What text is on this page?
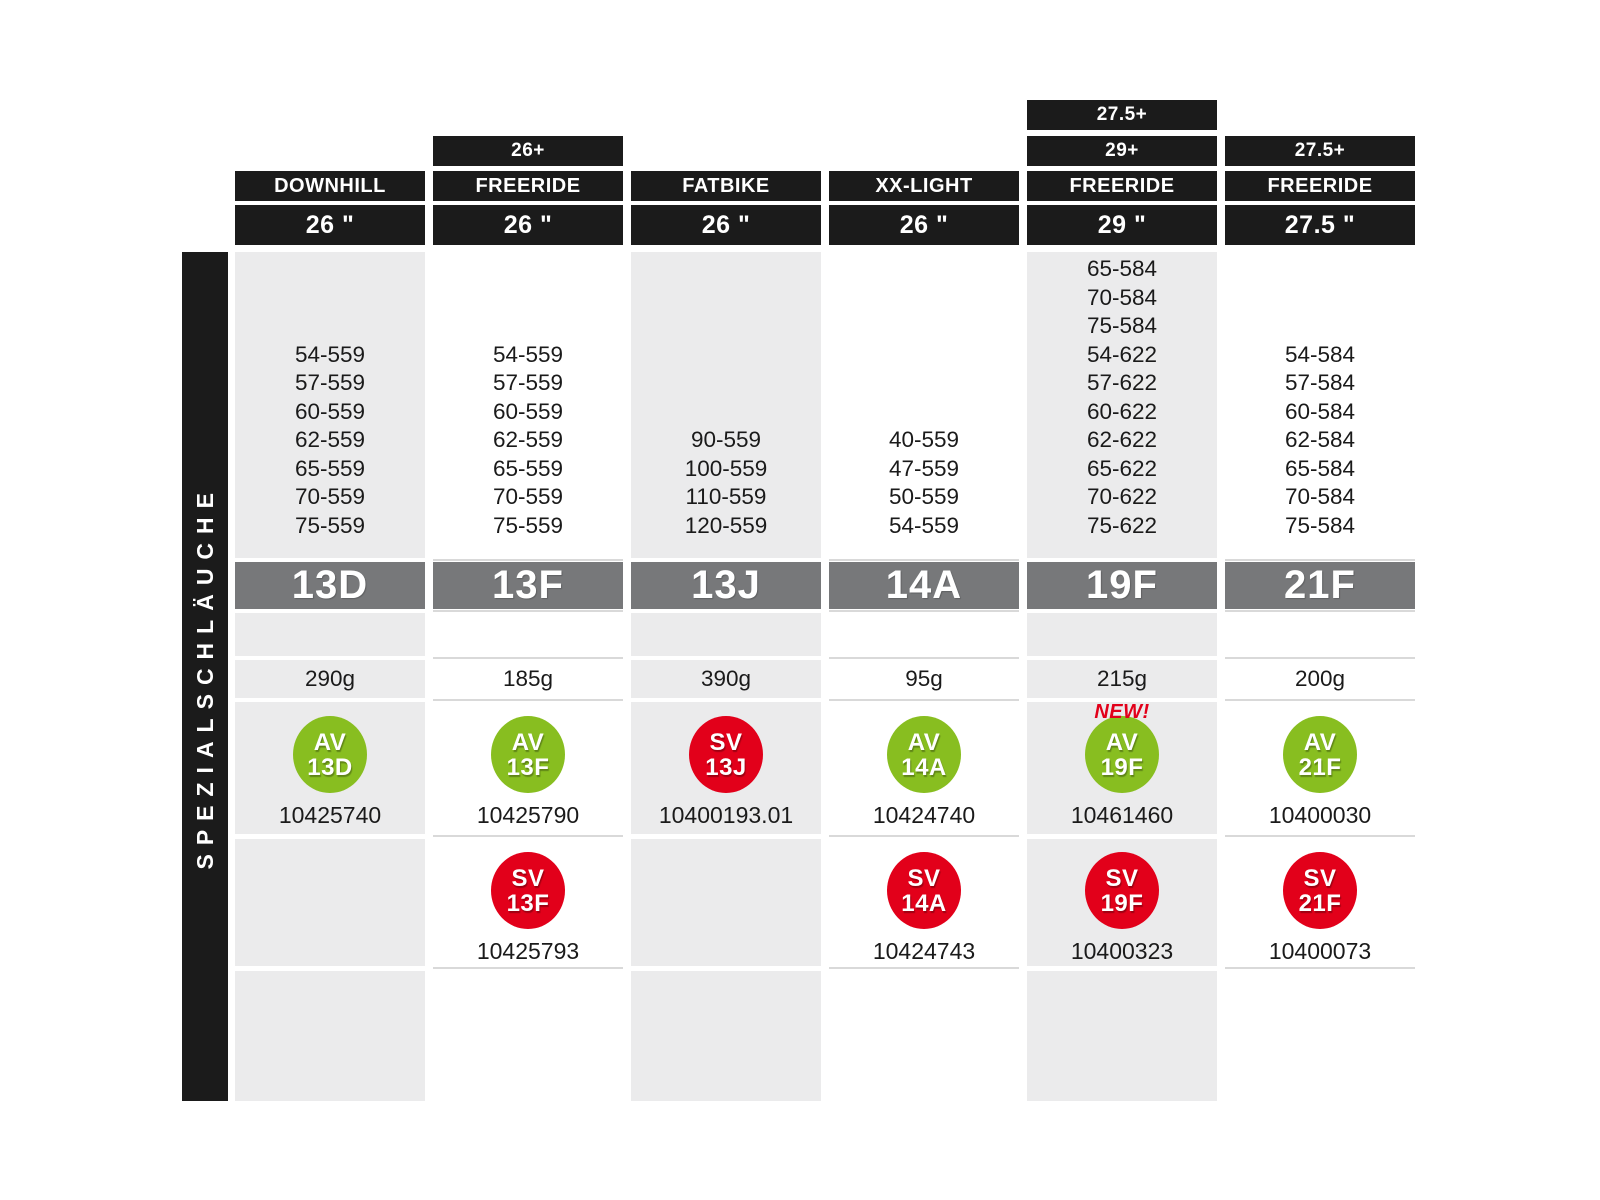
SPEZIALSCHLÄUCHE
DOWNHILL
26 "
54-559
57-559
60-559
62-559
65-559
70-559
75-559
13D
290g
AV
13D
10425740
26+
FREERIDE
26 "
54-559
57-559
60-559
62-559
65-559
70-559
75-559
13F
185g
AV
13F
10425790
SV
13F
10425793
FATBIKE
26 "
90-559
100-559
110-559
120-559
13J
390g
SV
13J
10400193.01
XX-LIGHT
26 "
40-559
47-559
50-559
54-559
14A
95g
AV
14A
10424740
SV
14A
10424743
27.5+
29+
FREERIDE
29 "
65-584
70-584
75-584
54-622
57-622
60-622
62-622
65-622
70-622
75-622
19F
215g
NEW!
AV
19F
10461460
SV
19F
10400323
27.5+
FREERIDE
27.5 "
54-584
57-584
60-584
62-584
65-584
70-584
75-584
21F
200g
AV
21F
10400030
SV
21F
10400073
